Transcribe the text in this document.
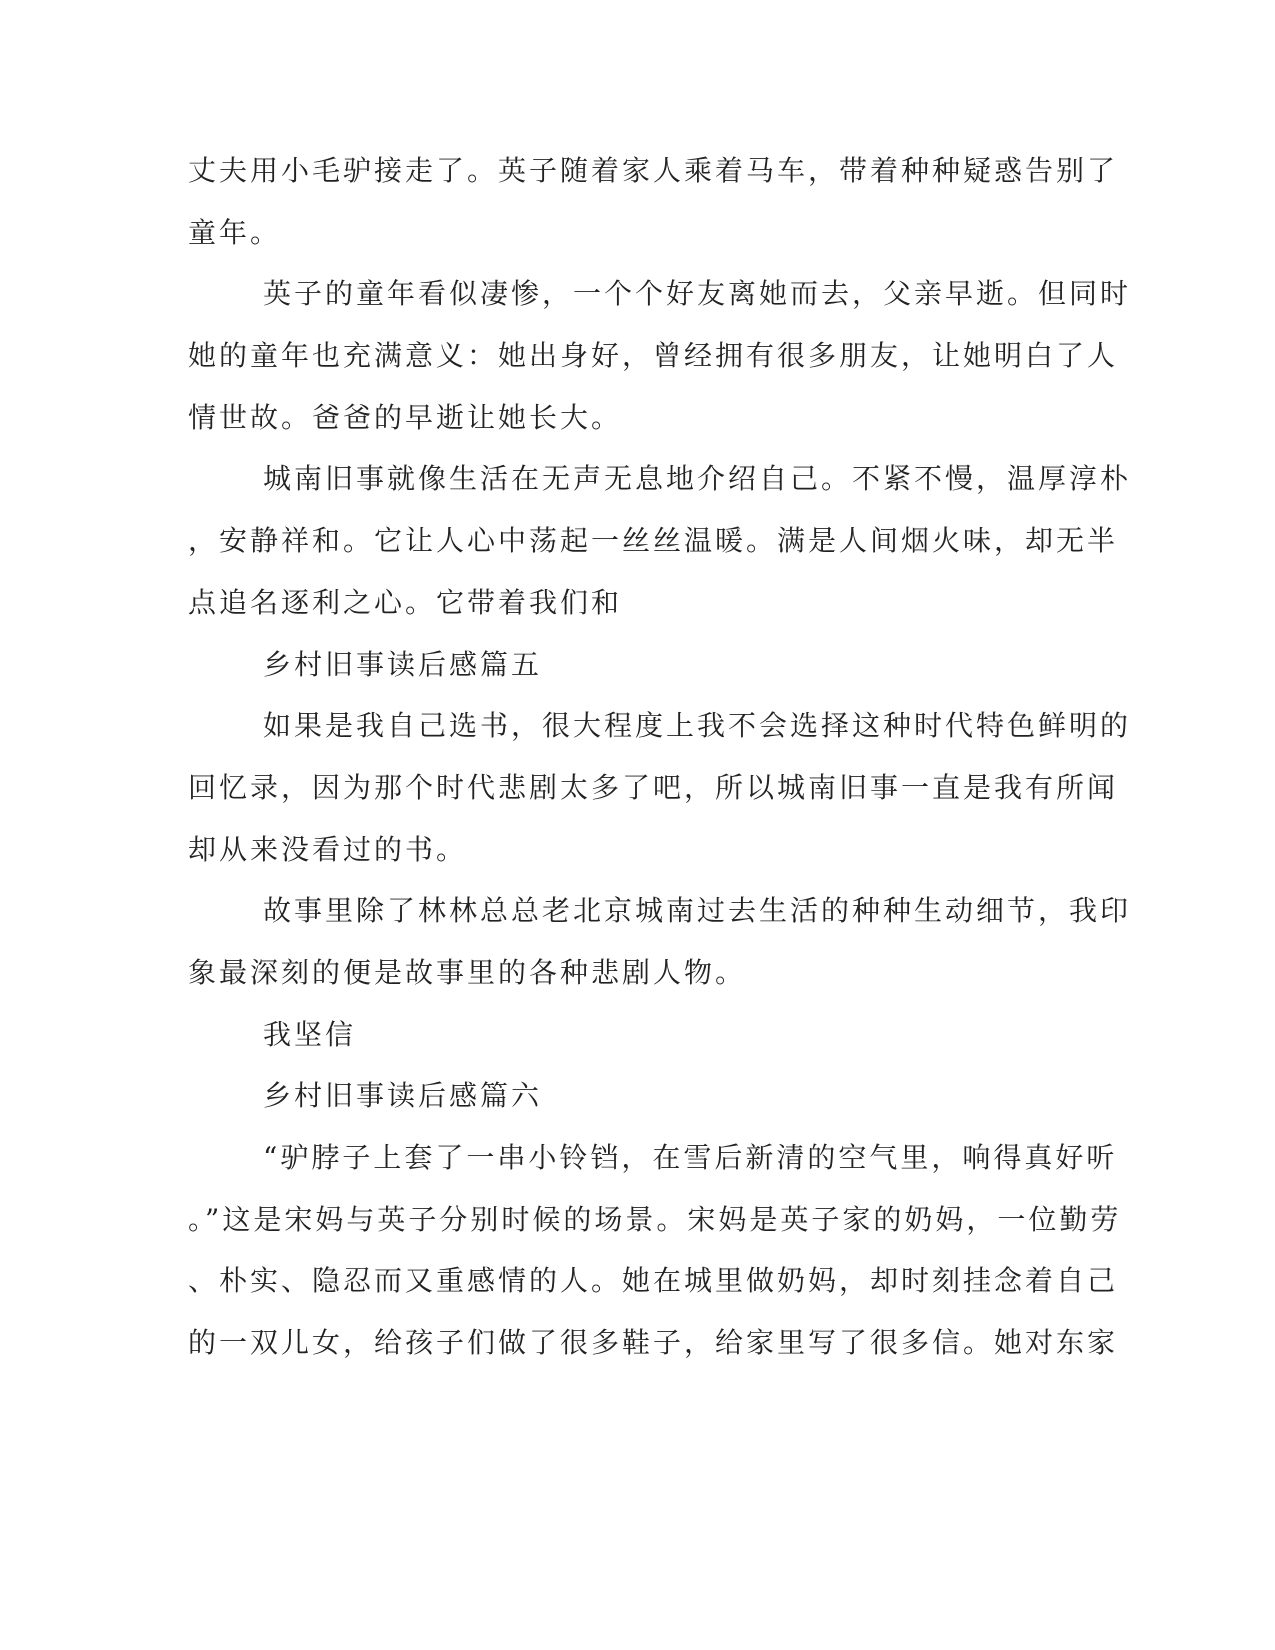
丈夫用小毛驴接走了。英子随着家人乘着马车，带着种种疑惑告别了
童年。
英子的童年看似凄惨，一个个好友离她而去，父亲早逝。但同时
她的童年也充满意义：她出身好，曾经拥有很多朋友，让她明白了人
情世故。爸爸的早逝让她长大。
城南旧事就像生活在无声无息地介绍自己。不紧不慢，温厚淳朴
，安静祥和。它让人心中荡起一丝丝温暖。满是人间烟火味，却无半
点追名逐利之心。它带着我们和
乡村旧事读后感篇五
如果是我自己选书，很大程度上我不会选择这种时代特色鲜明的
回忆录，因为那个时代悲剧太多了吧，所以城南旧事一直是我有所闻
却从来没看过的书。
故事里除了林林总总老北京城南过去生活的种种生动细节，我印
象最深刻的便是故事里的各种悲剧人物。
我坚信
乡村旧事读后感篇六
“驴脖子上套了一串小铃铛，在雪后新清的空气里，响得真好听
。”这是宋妈与英子分别时候的场景。宋妈是英子家的奶妈，一位勤劳
、朴实、隐忍而又重感情的人。她在城里做奶妈，却时刻挂念着自己
的一双儿女，给孩子们做了很多鞋子，给家里写了很多信。她对东家
